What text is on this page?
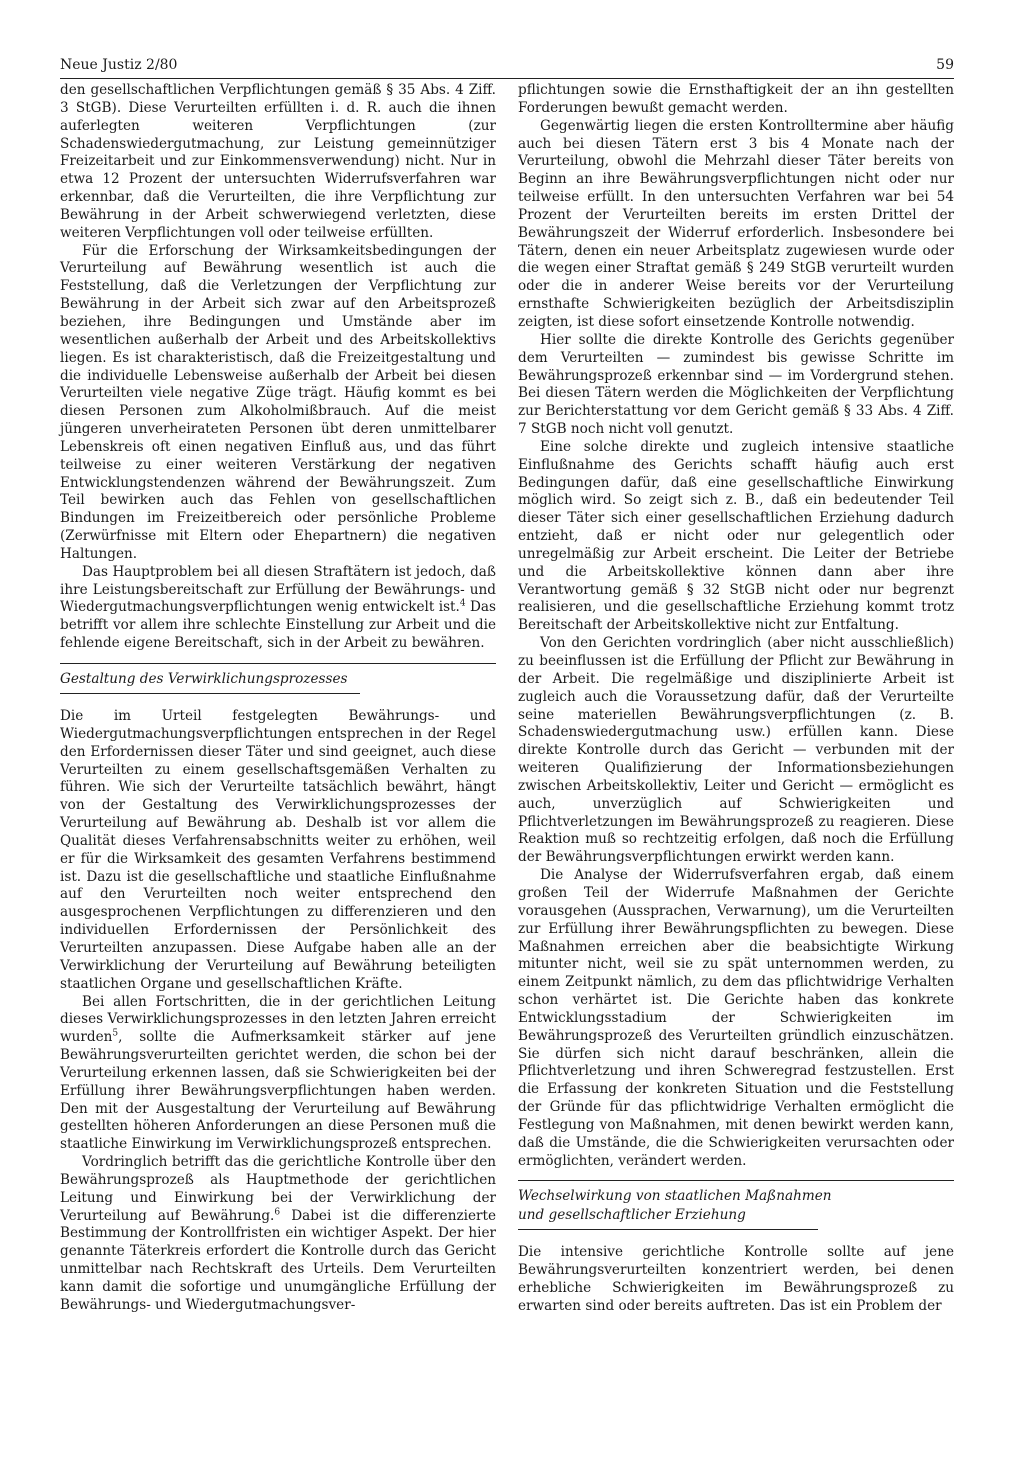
Neue Justiz 2/80	59

den gesellschaftlichen Verpflichtungen gemäß § 35 Abs. 4 Ziff. 3 StGB). Diese Verurteilten erfüllten i. d. R. auch die ihnen auferlegten weiteren Verpflichtungen (zur Schadenswiedergutmachung, zur Leistung gemeinnütziger Freizeitarbeit und zur Einkommensverwendung) nicht. Nur in etwa 12 Prozent der untersuchten Widerrufsverfahren war erkennbar, daß die Verurteilten, die ihre Verpflichtung zur Bewährung in der Arbeit schwerwiegend verletzten, diese weiteren Verpflichtungen voll oder teilweise erfüllten.

Für die Erforschung der Wirksamkeitsbedingungen der Verurteilung auf Bewährung wesentlich ist auch die Feststellung, daß die Verletzungen der Verpflichtung zur Bewährung in der Arbeit sich zwar auf den Arbeitsprozeß beziehen, ihre Bedingungen und Umstände aber im wesentlichen außerhalb der Arbeit und des Arbeitskollektivs liegen. Es ist charakteristisch, daß die Freizeitgestaltung und die individuelle Lebensweise außerhalb der Arbeit bei diesen Verurteilten viele negative Züge trägt. Häufig kommt es bei diesen Personen zum Alkoholmißbrauch. Auf die meist jüngeren unverheirateten Personen übt deren unmittelbarer Lebenskreis oft einen negativen Einfluß aus, und das führt teilweise zu einer weiteren Verstärkung der negativen Entwicklungstendenzen während der Bewährungszeit. Zum Teil bewirken auch das Fehlen von gesellschaftlichen Bindungen im Freizeitbereich oder persönliche Probleme (Zerwürfnisse mit Eltern oder Ehepartnern) die negativen Haltungen.

Das Hauptproblem bei all diesen Straftätern ist jedoch, daß ihre Leistungsbereitschaft zur Erfüllung der Bewährungs- und Wiedergutmachungsverpflichtungen wenig entwickelt ist.$^4$ Das betrifft vor allem ihre schlechte Einstellung zur Arbeit und die fehlende eigene Bereitschaft, sich in der Arbeit zu bewähren.

Gestaltung des Verwirklichungsprozesses

Die im Urteil festgelegten Bewährungs- und Wiedergutmachungsverpflichtungen entsprechen in der Regel den Erfordernissen dieser Täter und sind geeignet, auch diese Verurteilten zu einem gesellschaftsgemäßen Verhalten zu führen. Wie sich der Verurteilte tatsächlich bewährt, hängt von der Gestaltung des Verwirklichungsprozesses der Verurteilung auf Bewährung ab. Deshalb ist vor allem die Qualität dieses Verfahrensabschnitts weiter zu erhöhen, weil er für die Wirksamkeit des gesamten Verfahrens bestimmend ist. Dazu ist die gesellschaftliche und staatliche Einflußnahme auf den Verurteilten noch weiter entsprechend den ausgesprochenen Verpflichtungen zu differenzieren und den individuellen Erfordernissen der Persönlichkeit des Verurteilten anzupassen. Diese Aufgabe haben alle an der Verwirklichung der Verurteilung auf Bewährung beteiligten staatlichen Organe und gesellschaftlichen Kräfte.

Bei allen Fortschritten, die in der gerichtlichen Leitung dieses Verwirklichungsprozesses in den letzten Jahren erreicht wurden$^5$, sollte die Aufmerksamkeit stärker auf jene Bewährungsverurteilten gerichtet werden, die schon bei der Verurteilung erkennen lassen, daß sie Schwierigkeiten bei der Erfüllung ihrer Bewährungsverpflichtungen haben werden. Den mit der Ausgestaltung der Verurteilung auf Bewährung gestellten höheren Anforderungen an diese Personen muß die staatliche Einwirkung im Verwirklichungsprozeß entsprechen.

Vordringlich betrifft das die gerichtliche Kontrolle über den Bewährungsprozeß als Hauptmethode der gerichtlichen Leitung und Einwirkung bei der Verwirklichung der Verurteilung auf Bewährung.$^6$ Dabei ist die differenzierte Bestimmung der Kontrollfristen ein wichtiger Aspekt. Der hier genannte Täterkreis erfordert die Kontrolle durch das Gericht unmittelbar nach Rechtskraft des Urteils. Dem Verurteilten kann damit die sofortige und unumgängliche Erfüllung der Bewährungs- und Wiedergutmachungsver-

pflichtungen sowie die Ernsthaftigkeit der an ihn gestellten Forderungen bewußt gemacht werden.

Gegenwärtig liegen die ersten Kontrolltermine aber häufig auch bei diesen Tätern erst 3 bis 4 Monate nach der Verurteilung, obwohl die Mehrzahl dieser Täter bereits von Beginn an ihre Bewährungsverpflichtungen nicht oder nur teilweise erfüllt. In den untersuchten Verfahren war bei 54 Prozent der Verurteilten bereits im ersten Drittel der Bewährungszeit der Widerruf erforderlich. Insbesondere bei Tätern, denen ein neuer Arbeitsplatz zugewiesen wurde oder die wegen einer Straftat gemäß § 249 StGB verurteilt wurden oder die in anderer Weise bereits vor der Verurteilung ernsthafte Schwierigkeiten bezüglich der Arbeitsdisziplin zeigten, ist diese sofort einsetzende Kontrolle notwendig.

Hier sollte die direkte Kontrolle des Gerichts gegenüber dem Verurteilten — zumindest bis gewisse Schritte im Bewährungsprozeß erkennbar sind — im Vordergrund stehen. Bei diesen Tätern werden die Möglichkeiten der Verpflichtung zur Berichterstattung vor dem Gericht gemäß § 33 Abs. 4 Ziff. 7 StGB noch nicht voll genutzt.

Eine solche direkte und zugleich intensive staatliche Einflußnahme des Gerichts schafft häufig auch erst Bedingungen dafür, daß eine gesellschaftliche Einwirkung möglich wird. So zeigt sich z. B., daß ein bedeutender Teil dieser Täter sich einer gesellschaftlichen Erziehung dadurch entzieht, daß er nicht oder nur gelegentlich oder unregelmäßig zur Arbeit erscheint. Die Leiter der Betriebe und die Arbeitskollektive können dann aber ihre Verantwortung gemäß § 32 StGB nicht oder nur begrenzt realisieren, und die gesellschaftliche Erziehung kommt trotz Bereitschaft der Arbeitskollektive nicht zur Entfaltung.

Von den Gerichten vordringlich (aber nicht ausschließlich) zu beeinflussen ist die Erfüllung der Pflicht zur Bewährung in der Arbeit. Die regelmäßige und disziplinierte Arbeit ist zugleich auch die Voraussetzung dafür, daß der Verurteilte seine materiellen Bewährungsverpflichtungen (z. B. Schadenswiedergutmachung usw.) erfüllen kann. Diese direkte Kontrolle durch das Gericht — verbunden mit der weiteren Qualifizierung der Informationsbeziehungen zwischen Arbeitskollektiv, Leiter und Gericht — ermöglicht es auch, unverzüglich auf Schwierigkeiten und Pflichtverletzungen im Bewährungsprozeß zu reagieren. Diese Reaktion muß so rechtzeitig erfolgen, daß noch die Erfüllung der Bewährungsverpflichtungen erwirkt werden kann.

Die Analyse der Widerrufsverfahren ergab, daß einem großen Teil der Widerrufe Maßnahmen der Gerichte vorausgehen (Aussprachen, Verwarnung), um die Verurteilten zur Erfüllung ihrer Bewährungspflichten zu bewegen. Diese Maßnahmen erreichen aber die beabsichtigte Wirkung mitunter nicht, weil sie zu spät unternommen werden, zu einem Zeitpunkt nämlich, zu dem das pflichtwidrige Verhalten schon verhärtet ist. Die Gerichte haben das konkrete Entwicklungsstadium der Schwierigkeiten im Bewährungsprozeß des Verurteilten gründlich einzuschätzen. Sie dürfen sich nicht darauf beschränken, allein die Pflichtverletzung und ihren Schweregrad festzustellen. Erst die Erfassung der konkreten Situation und die Feststellung der Gründe für das pflichtwidrige Verhalten ermöglicht die Festlegung von Maßnahmen, mit denen bewirkt werden kann, daß die Umstände, die die Schwierigkeiten verursachten oder ermöglichten, verändert werden.

Wechselwirkung von staatlichen Maßnahmen
und gesellschaftlicher Erziehung

Die intensive gerichtliche Kontrolle sollte auf jene Bewährungsverurteilten konzentriert werden, bei denen erhebliche Schwierigkeiten im Bewährungsprozeß zu erwarten sind oder bereits auftreten. Das ist ein Problem der
